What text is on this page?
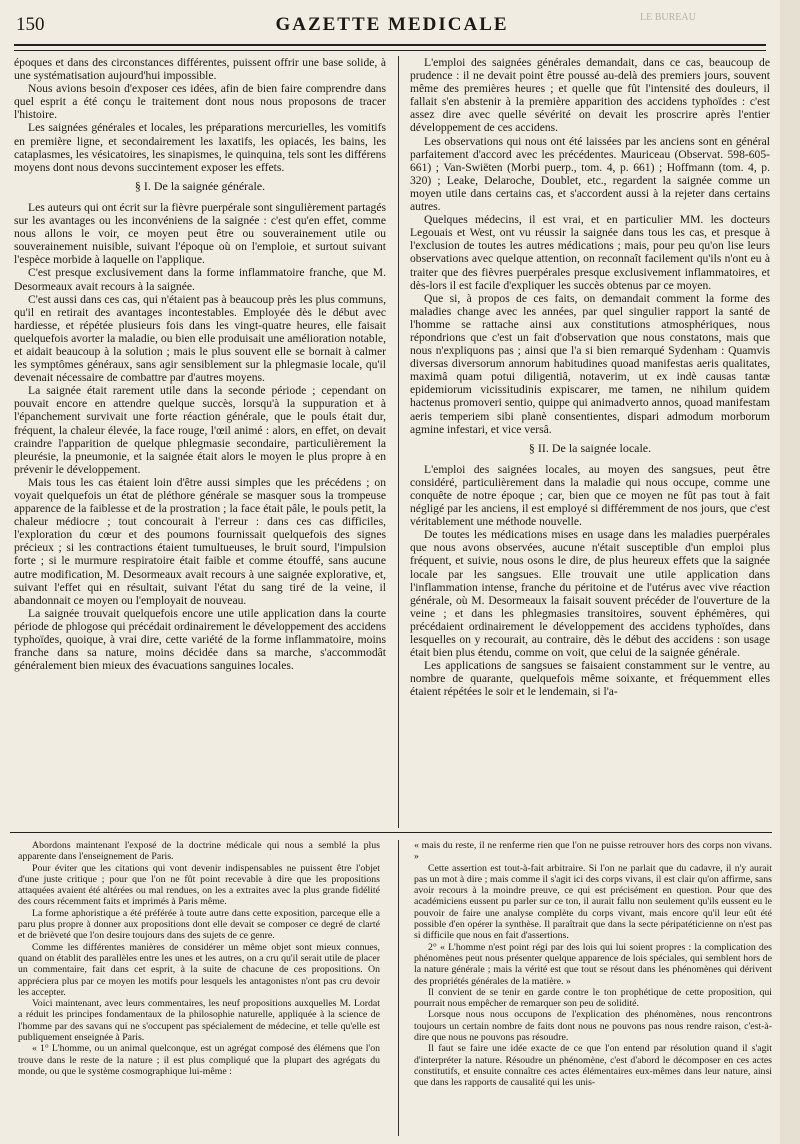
150	GAZETTE MEDICALE	LE BUREAU

époques et dans des circonstances différentes, puissent offrir une base solide, à une systématisation aujourd'hui impossible.

Nous avions besoin d'exposer ces idées, afin de bien faire comprendre dans quel esprit a été conçu le traitement dont nous nous proposons de tracer l'histoire.

Les saignées générales et locales, les préparations mercurielles, les vomitifs en première ligne, et secondairement les laxatifs, les opiacés, les bains, les cataplasmes, les vésicatoires, les sinapismes, le quinquina, tels sont les différens moyens dont nous devons succintement exposer les effets.

§ I. De la saignée générale.

Les auteurs qui ont écrit sur la fièvre puerpérale sont singulièrement partagés sur les avantages ou les inconvéniens de la saignée : c'est qu'en effet, comme nous allons le voir, ce moyen peut être ou souverainement utile ou souverainement nuisible, suivant l'époque où on l'emploie, et surtout suivant l'espèce morbide à laquelle on l'applique.

C'est presque exclusivement dans la forme inflammatoire franche, que M. Desormeaux avait recours à la saignée.

C'est aussi dans ces cas, qui n'étaient pas à beaucoup près les plus communs, qu'il en retirait des avantages incontestables. Employée dès le début avec hardiesse, et répétée plusieurs fois dans les vingt-quatre heures, elle faisait quelquefois avorter la maladie, ou bien elle produisait une amélioration notable, et aidait beaucoup à la solution ; mais le plus souvent elle se bornait à calmer les symptômes généraux, sans agir sensiblement sur la phlegmasie locale, qu'il devenait nécessaire de combattre par d'autres moyens.

La saignée était rarement utile dans la seconde période ; cependant on pouvait encore en attendre quelque succès, lorsqu'à la suppuration et à l'épanchement survivait une forte réaction générale, que le pouls était dur, fréquent, la chaleur élevée, la face rouge, l'œil animé : alors, en effet, on devait craindre l'apparition de quelque phlegmasie secondaire, particulièrement la pleurésie, la pneumonie, et la saignée était alors le moyen le plus propre à en prévenir le développement.

Mais tous les cas étaient loin d'être aussi simples que les précédens ; on voyait quelquefois un état de pléthore générale se masquer sous la trompeuse apparence de la faiblesse et de la prostration ; la face était pâle, le pouls petit, la chaleur médiocre ; tout concourait à l'erreur : dans ces cas difficiles, l'exploration du cœur et des poumons fournissait quelquefois des signes précieux ; si les contractions étaient tumultueuses, le bruit sourd, l'impulsion forte ; si le murmure respiratoire était faible et comme étouffé, sans aucune autre modification, M. Desormeaux avait recours à une saignée explorative, et, suivant l'effet qui en résultait, suivant l'état du sang tiré de la veine, il abandonnait ce moyen ou l'employait de nouveau.

La saignée trouvait quelquefois encore une utile application dans la courte période de phlogose qui précédait ordinairement le développement des accidens typhoïdes, quoique, à vrai dire, cette variété de la forme inflammatoire, moins franche dans sa nature, moins décidée dans sa marche, s'accommodât généralement bien mieux des évacuations sanguines locales.

L'emploi des saignées générales demandait, dans ce cas, beaucoup de prudence : il ne devait point être poussé au-delà des premiers jours, souvent même des premières heures ; et quelle que fût l'intensité des douleurs, il fallait s'en abstenir à la première apparition des accidens typhoïdes : c'est assez dire avec quelle sévérité on devait les proscrire après l'entier développement de ces accidens.

Les observations qui nous ont été laissées par les anciens sont en général parfaitement d'accord avec les précédentes. Mauriceau (Observat. 598-605-661) ; Van-Swiëten (Morbi puerp., tom. 4, p. 661) ; Hoffmann (tom. 4, p. 320) ; Leake, Delaroche, Doublet, etc., regardent la saignée comme un moyen utile dans certains cas, et s'accordent aussi à la rejeter dans certains autres.

Quelques médecins, il est vrai, et en particulier MM. les docteurs Legouais et West, ont vu réussir la saignée dans tous les cas, et presque à l'exclusion de toutes les autres médications ; mais, pour peu qu'on lise leurs observations avec quelque attention, on reconnaît facilement qu'ils n'ont eu à traiter que des fièvres puerpérales presque exclusivement inflammatoires, et dès-lors il est facile d'expliquer les succès obtenus par ce moyen.

Que si, à propos de ces faits, on demandait comment la forme des maladies change avec les années, par quel singulier rapport la santé de l'homme se rattache ainsi aux constitutions atmosphériques, nous répondrions que c'est un fait d'observation que nous constatons, mais que nous n'expliquons pas ; ainsi que l'a si bien remarqué Sydenham : Quamvis diversas diversorum annorum habitudines quoad manifestas aeris qualitates, maximâ quam potui diligentiâ, notaverim, ut ex indè causas tantæ epidemiorum vicissitudinis expiscarer, me tamen, ne nihilum quidem hactenus promoveri sentio, quippe qui animadverto annos, quoad manifestam aeris temperiem sibi planè consentientes, dispari admodum morborum agmine infestari, et vice versâ.

§ II. De la saignée locale.

L'emploi des saignées locales, au moyen des sangsues, peut être considéré, particulièrement dans la maladie qui nous occupe, comme une conquête de notre époque ; car, bien que ce moyen ne fût pas tout à fait négligé par les anciens, il est employé si différemment de nos jours, que c'est véritablement une méthode nouvelle.

De toutes les médications mises en usage dans les maladies puerpérales que nous avons observées, aucune n'était susceptible d'un emploi plus fréquent, et suivie, nous osons le dire, de plus heureux effets que la saignée locale par les sangsues. Elle trouvait une utile application dans l'inflammation intense, franche du péritoine et de l'utérus avec vive réaction générale, où M. Desormeaux la faisait souvent précéder de l'ouverture de la veine ; et dans les phlegmasies transitoires, souvent éphémères, qui précédaient ordinairement le développement des accidens typhoïdes, dans lesquelles on y recourait, au contraire, dès le début des accidens : son usage était bien plus étendu, comme on voit, que celui de la saignée générale.

Les applications de sangsues se faisaient constamment sur le ventre, au nombre de quarante, quelquefois même soixante, et fréquemment elles étaient répétées le soir et le lendemain, si l'a-

Abordons maintenant l'exposé de la doctrine médicale qui nous a semblé la plus apparente dans l'enseignement de Paris.

Pour éviter que les citations qui vont devenir indispensables ne puissent être l'objet d'une juste critique ; pour que l'on ne fût point recevable à dire que les propositions attaquées avaient été altérées ou mal rendues, on les a extraites avec la plus grande fidélité des cours récemment faits et imprimés à Paris même.

La forme aphoristique a été préférée à toute autre dans cette exposition, parceque elle a paru plus propre à donner aux propositions dont elle devait se composer ce degré de clarté et de brièveté que l'on desire toujours dans des sujets de ce genre.

Comme les différentes manières de considérer un même objet sont mieux connues, quand on établit des parallèles entre les unes et les autres, on a cru qu'il serait utile de placer un commentaire, fait dans cet esprit, à la suite de chacune de ces propositions. On appréciera plus par ce moyen les motifs pour lesquels les antagonistes n'ont pas cru devoir les accepter.

Voici maintenant, avec leurs commentaires, les neuf propositions auxquelles M. Lordat a réduit les principes fondamentaux de la philosophie naturelle, appliquée à la science de l'homme par des savans qui ne s'occupent pas spécialement de médecine, et telle qu'elle est publiquement enseignée à Paris.

« 1° L'homme, ou un animal quelconque, est un agrégat composé des élémens que l'on trouve dans le reste de la nature ; il est plus compliqué que la plupart des agrégats du monde, ou que le système cosmographique lui-même :

« mais du reste, il ne renferme rien que l'on ne puisse retrouver hors des corps non vivans. »

Cette assertion est tout-à-fait arbitraire. Si l'on ne parlait que du cadavre, il n'y aurait pas un mot à dire ; mais comme il s'agit ici des corps vivans, il est clair qu'on affirme, sans avoir recours à la moindre preuve, ce qui est précisément en question. Pour que des académiciens eussent pu parler sur ce ton, il aurait fallu non seulement qu'ils eussent eu le pouvoir de faire une analyse complète du corps vivant, mais encore qu'il leur eût été possible d'en opérer la synthèse. Il paraîtrait que dans la secte péripatéticienne on n'est pas si difficile que nous en fait d'assertions.

2° « L'homme n'est point régi par des lois qui lui soient propres : la complication des phénomènes peut nous présenter quelque apparence de lois spéciales, qui semblent hors de la nature générale ; mais la vérité est que tout se résout dans les phénomènes qui dérivent des propriétés générales de la matière. »

Il convient de se tenir en garde contre le ton prophétique de cette proposition, qui pourrait nous empêcher de remarquer son peu de solidité.

Lorsque nous nous occupons de l'explication des phénomènes, nous rencontrons toujours un certain nombre de faits dont nous ne pouvons pas nous rendre raison, c'est-à-dire que nous ne pouvons pas résoudre.

Il faut se faire une idée exacte de ce que l'on entend par résolution quand il s'agit d'interpréter la nature. Résoudre un phénomène, c'est d'abord le décomposer en ces actes constitutifs, et ensuite connaître ces actes élémentaires eux-mêmes dans leur nature, ainsi que dans les rapports de causalité qui les unis-
